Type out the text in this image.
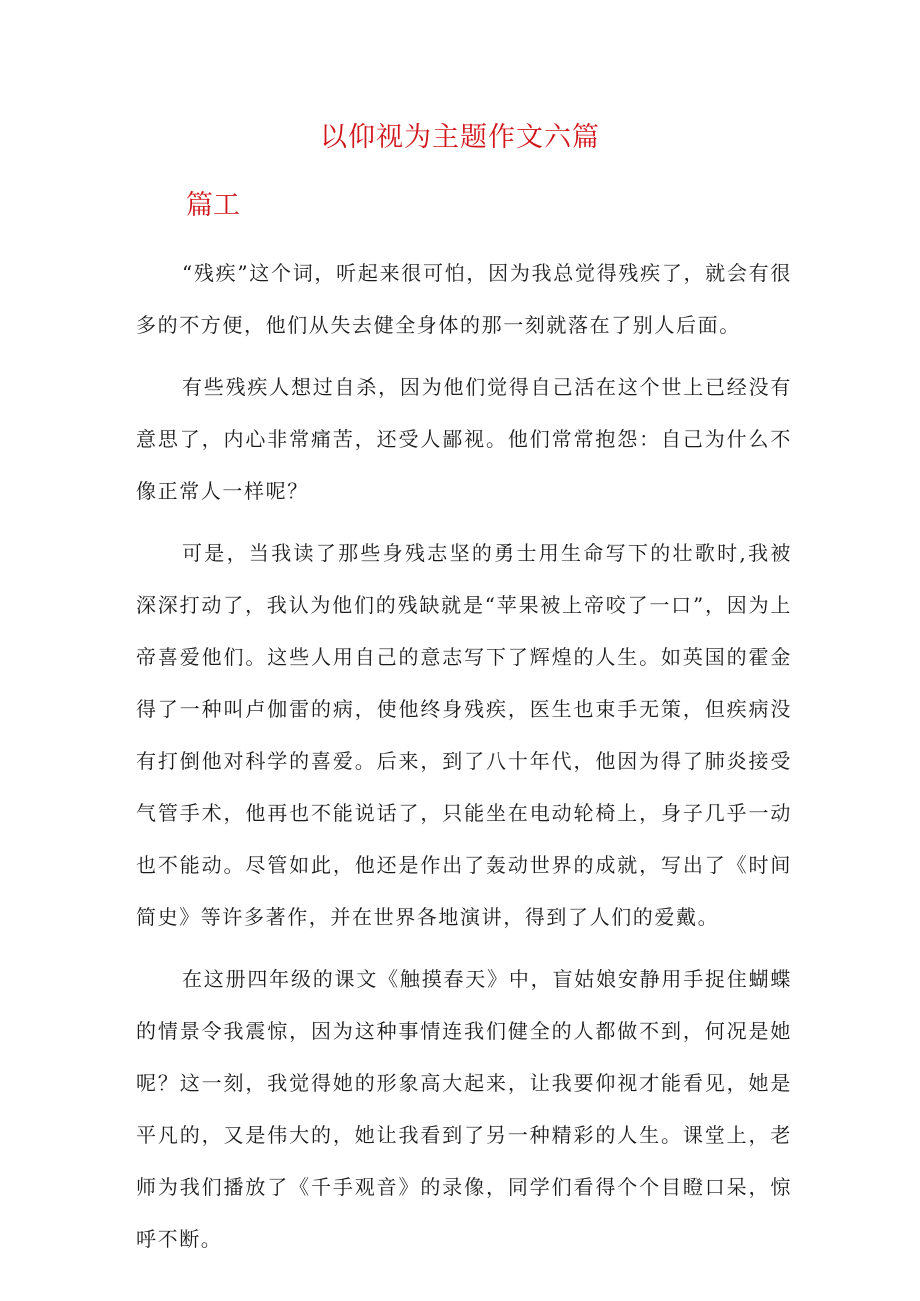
以仰视为主题作文六篇
篇工

“残疾”这个词，听起来很可怕，因为我总觉得残疾了，就会有很多的不方便，他们从失去健全身体的那一刻就落在了别人后面。

有些残疾人想过自杀，因为他们觉得自己活在这个世上已经没有意思了，内心非常痛苦，还受人鄙视。他们常常抱怨：自己为什么不像正常人一样呢？

可是，当我读了那些身残志坚的勇士用生命写下的壮歌时,我被深深打动了，我认为他们的残缺就是“苹果被上帝咬了一口”，因为上帝喜爱他们。这些人用自己的意志写下了辉煌的人生。如英国的霍金得了一种叫卢伽雷的病，使他终身残疾，医生也束手无策，但疾病没有打倒他对科学的喜爱。后来，到了八十年代，他因为得了肺炎接受气管手术，他再也不能说话了，只能坐在电动轮椅上，身子几乎一动也不能动。尽管如此，他还是作出了轰动世界的成就，写出了《时间简史》等许多著作，并在世界各地演讲，得到了人们的爱戴。

在这册四年级的课文《触摸春天》中，盲姑娘安静用手捉住蝴蝶的情景令我震惊，因为这种事情连我们健全的人都做不到，何况是她呢？这一刻，我觉得她的形象高大起来，让我要仰视才能看见，她是平凡的，又是伟大的，她让我看到了另一种精彩的人生。课堂上，老师为我们播放了《千手观音》的录像，同学们看得个个目瞪口呆，惊呼不断。
